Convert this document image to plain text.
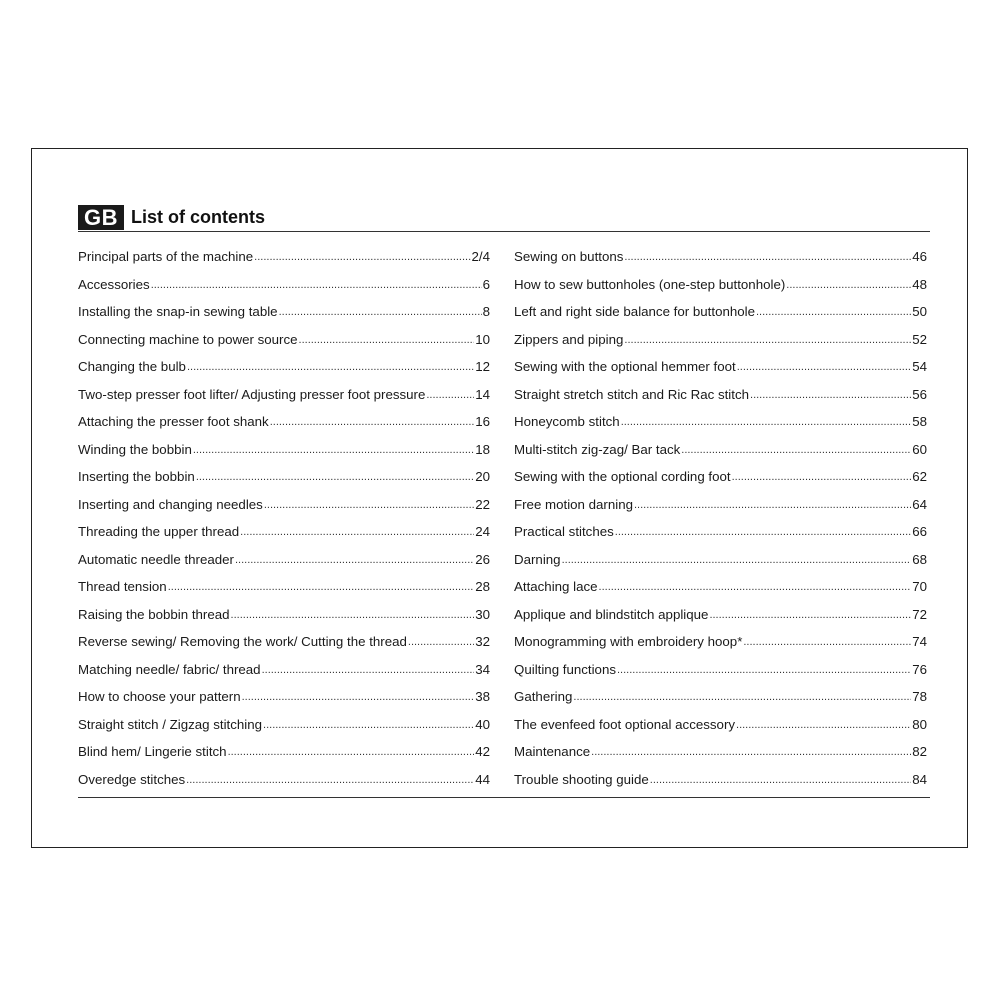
GB List of contents
Principal parts of the machine .....	2/4
Accessories .....	6
Installing the snap-in sewing table .....	8
Connecting machine to power source .....	10
Changing the bulb .....	12
Two-step presser foot lifter/ Adjusting presser foot pressure .....	14
Attaching the presser foot shank .....	16
Winding the bobbin .....	18
Inserting the bobbin .....	20
Inserting and changing needles .....	22
Threading the upper thread .....	24
Automatic needle threader .....	26
Thread tension .....	28
Raising the bobbin thread .....	30
Reverse sewing/ Removing the work/ Cutting the thread .....	32
Matching needle/ fabric/ thread .....	34
How to choose your pattern .....	38
Straight stitch / Zigzag stitching .....	40
Blind hem/ Lingerie stitch .....	42
Overedge stitches .....	44
Sewing on buttons .....	46
How to sew buttonholes (one-step buttonhole) .....	48
Left and right side balance for buttonhole .....	50
Zippers and piping .....	52
Sewing with the optional hemmer foot .....	54
Straight stretch stitch and Ric Rac stitch .....	56
Honeycomb stitch .....	58
Multi-stitch zig-zag/ Bar tack .....	60
Sewing with the optional cording foot .....	62
Free motion darning .....	64
Practical stitches .....	66
Darning .....	68
Attaching lace .....	70
Applique and blindstitch applique .....	72
Monogramming with embroidery hoop* .....	74
Quilting functions .....	76
Gathering .....	78
The evenfeed foot optional accessory .....	80
Maintenance .....	82
Trouble shooting guide .....	84
